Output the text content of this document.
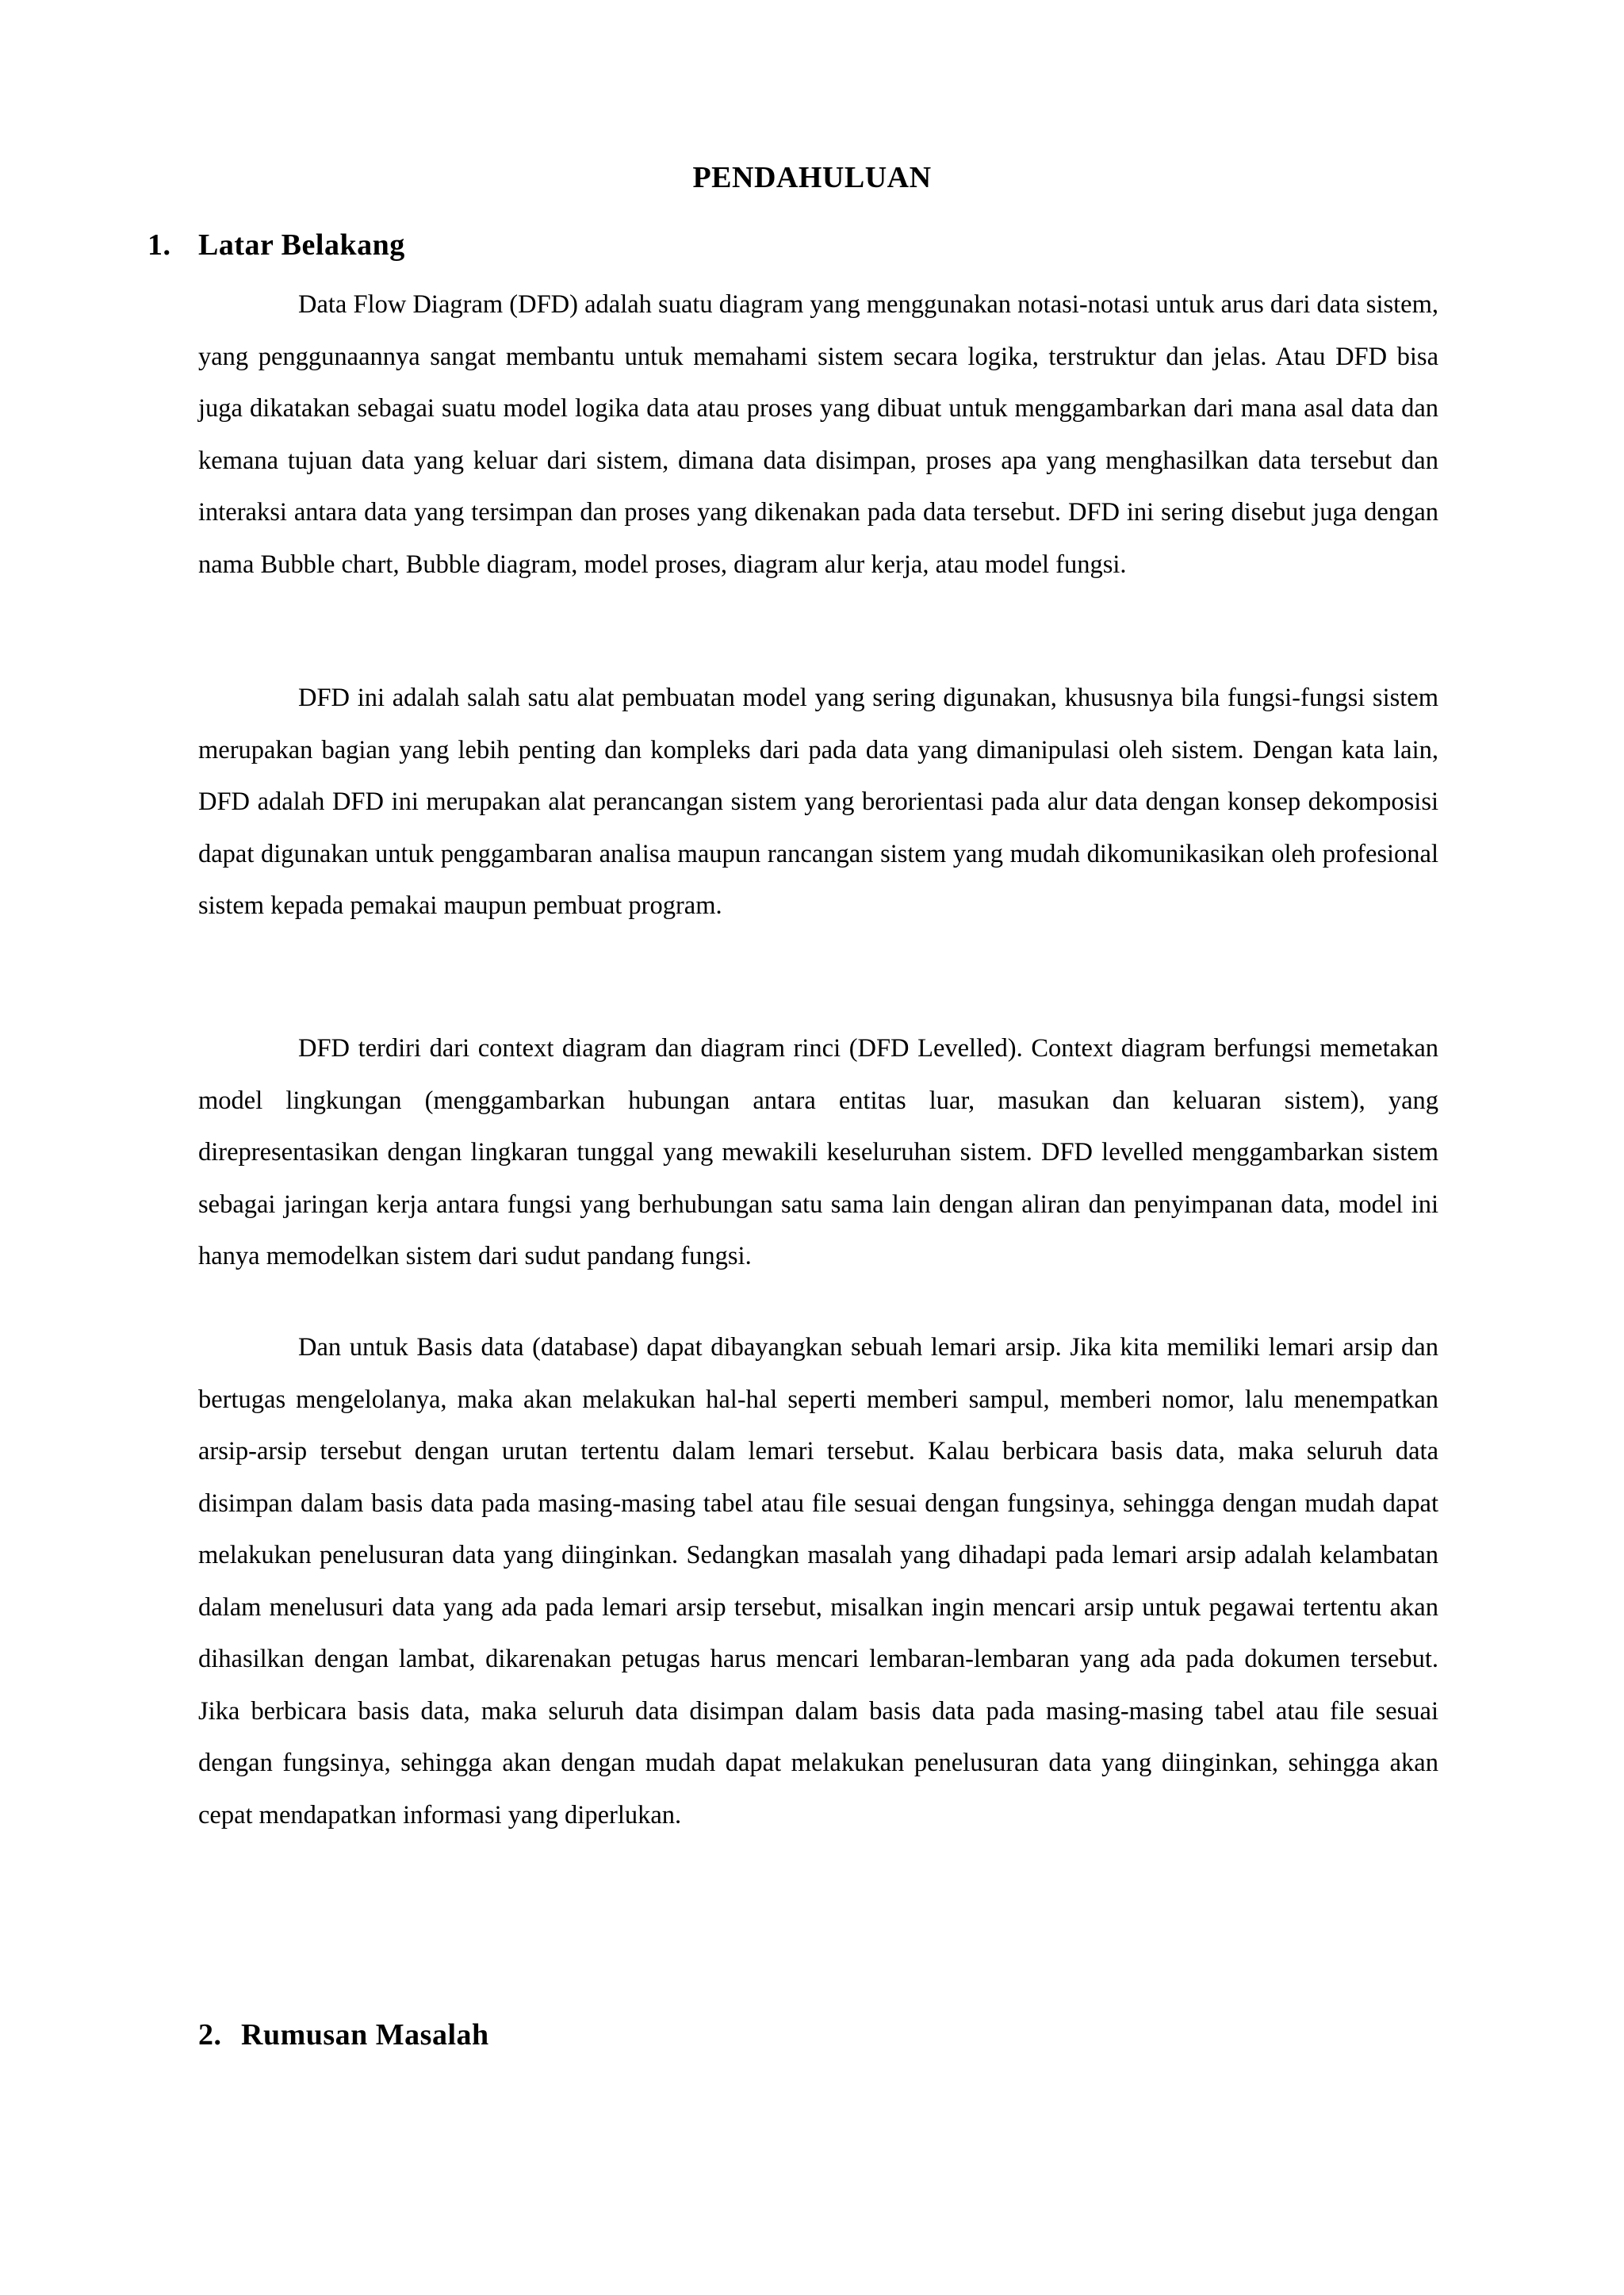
PENDAHULUAN
1. Latar Belakang

Data Flow Diagram (DFD) adalah suatu diagram yang menggunakan notasi-notasi untuk arus dari data sistem, yang penggunaannya sangat membantu untuk memahami sistem secara logika, terstruktur dan jelas. Atau DFD bisa juga dikatakan sebagai suatu model logika data atau proses yang dibuat untuk menggambarkan dari mana asal data dan kemana tujuan data yang keluar dari sistem, dimana data disimpan, proses apa yang menghasilkan data tersebut dan interaksi antara data yang tersimpan dan proses yang dikenakan pada data tersebut. DFD ini sering disebut juga dengan nama Bubble chart, Bubble diagram, model proses, diagram alur kerja, atau model fungsi.

DFD ini adalah salah satu alat pembuatan model yang sering digunakan, khususnya bila fungsi-fungsi sistem merupakan bagian yang lebih penting dan kompleks dari pada data yang dimanipulasi oleh sistem. Dengan kata lain, DFD adalah DFD ini merupakan alat perancangan sistem yang berorientasi pada alur data dengan konsep dekomposisi dapat digunakan untuk penggambaran analisa maupun rancangan sistem yang mudah dikomunikasikan oleh profesional sistem kepada pemakai maupun pembuat program.

DFD terdiri dari context diagram dan diagram rinci (DFD Levelled). Context diagram berfungsi memetakan model lingkungan (menggambarkan hubungan antara entitas luar, masukan dan keluaran sistem), yang direpresentasikan dengan lingkaran tunggal yang mewakili keseluruhan sistem. DFD levelled menggambarkan sistem sebagai jaringan kerja antara fungsi yang berhubungan satu sama lain dengan aliran dan penyimpanan data, model ini hanya memodelkan sistem dari sudut pandang fungsi.

Dan untuk Basis data (database) dapat dibayangkan sebuah lemari arsip. Jika kita memiliki lemari arsip dan bertugas mengelolanya, maka akan melakukan hal-hal seperti memberi sampul, memberi nomor, lalu menempatkan arsip-arsip tersebut dengan urutan tertentu dalam lemari tersebut. Kalau berbicara basis data, maka seluruh data disimpan dalam basis data pada masing-masing tabel atau file sesuai dengan fungsinya, sehingga dengan mudah dapat melakukan penelusuran data yang diinginkan. Sedangkan masalah yang dihadapi pada lemari arsip adalah kelambatan dalam menelusuri data yang ada pada lemari arsip tersebut, misalkan ingin mencari arsip untuk pegawai tertentu akan dihasilkan dengan lambat, dikarenakan petugas harus mencari lembaran-lembaran yang ada pada dokumen tersebut. Jika berbicara basis data, maka seluruh data disimpan dalam basis data pada masing-masing tabel atau file sesuai dengan fungsinya, sehingga akan dengan mudah dapat melakukan penelusuran data yang diinginkan, sehingga akan cepat mendapatkan informasi yang diperlukan.

2. Rumusan Masalah
